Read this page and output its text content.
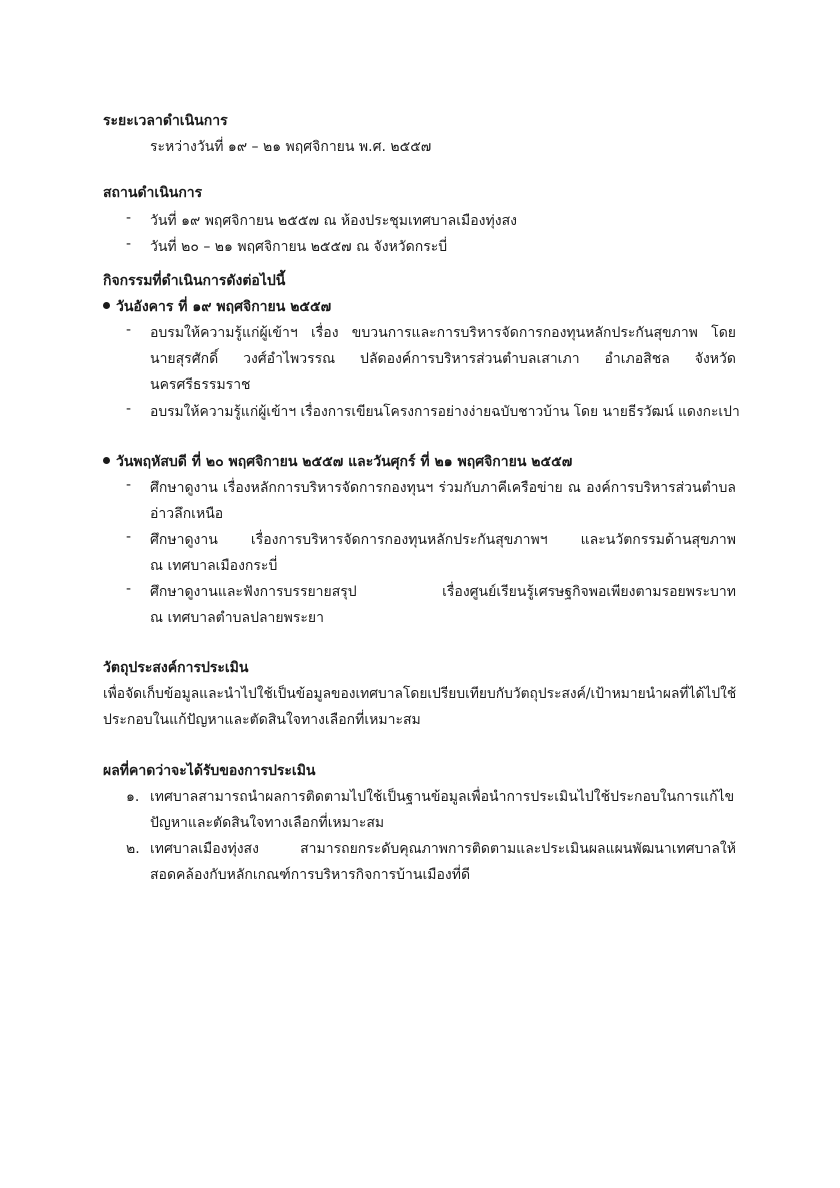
ระยะเวลาดำเนินการ
ระหว่างวันที่ ๑๙ – ๒๑ พฤศจิกายน พ.ศ. ๒๕๕๗
สถานดำเนินการ
- วันที่ ๑๙ พฤศจิกายน ๒๕๕๗ ณ ห้องประชุมเทศบาลเมืองทุ่งสง
- วันที่ ๒๐ – ๒๑ พฤศจิกายน ๒๕๕๗ ณ จังหวัดกระบี่
กิจกรรมที่ดำเนินการดังต่อไปนี้
วันอังคาร ที่ ๑๙ พฤศจิกายน ๒๕๕๗
- อบรมให้ความรู้แก่ผู้เข้าฯ เรื่อง ขบวนการและการบริหารจัดการกองทุนหลักประกันสุขภาพ โดย
นายสุรศักดิ์ วงศ์อำไพวรรณ ปลัดองค์การบริหารส่วนตำบลเสาเภา อำเภอสิชล จังหวัด
นครศรีธรรมราช
- อบรมให้ความรู้แก่ผู้เข้าฯ เรื่องการเขียนโครงการอย่างง่ายฉบับชาวบ้าน โดย นายธีรวัฒน์ แดงกะเปา
วันพฤหัสบดี ที่ ๒๐ พฤศจิกายน ๒๕๕๗ และวันศุกร์ ที่ ๒๑ พฤศจิกายน ๒๕๕๗
- ศึกษาดูงาน เรื่องหลักการบริหารจัดการกองทุนฯ ร่วมกับภาคีเครือข่าย ณ องค์การบริหารส่วนตำบล
อ่าวลึกเหนือ
- ศึกษาดูงาน เรื่องการบริหารจัดการกองทุนหลักประกันสุขภาพฯ และนวัตกรรมด้านสุขภาพ
ณ เทศบาลเมืองกระบี่
- ศึกษาดูงานและฟังการบรรยายสรุป เรื่องศูนย์เรียนรู้เศรษฐกิจพอเพียงตามรอยพระบาท
ณ เทศบาลตำบลปลายพระยา
วัตถุประสงค์การประเมิน
เพื่อจัดเก็บข้อมูลและนำไปใช้เป็นข้อมูลของเทศบาลโดยเปรียบเทียบกับวัตถุประสงค์/เป้าหมายนำผลที่ได้ไปใช้
ประกอบในแก้ปัญหาและตัดสินใจทางเลือกที่เหมาะสม
ผลที่คาดว่าจะได้รับของการประเมิน
๑. เทศบาลสามารถนำผลการติดตามไปใช้เป็นฐานข้อมูลเพื่อนำการประเมินไปใช้ประกอบในการแก้ไข
ปัญหาและตัดสินใจทางเลือกที่เหมาะสม
๒. เทศบาลเมืองทุ่งสง สามารถยกระดับคุณภาพการติดตามและประเมินผลแผนพัฒนาเทศบาลให้
สอดคล้องกับหลักเกณฑ์การบริหารกิจการบ้านเมืองที่ดี
